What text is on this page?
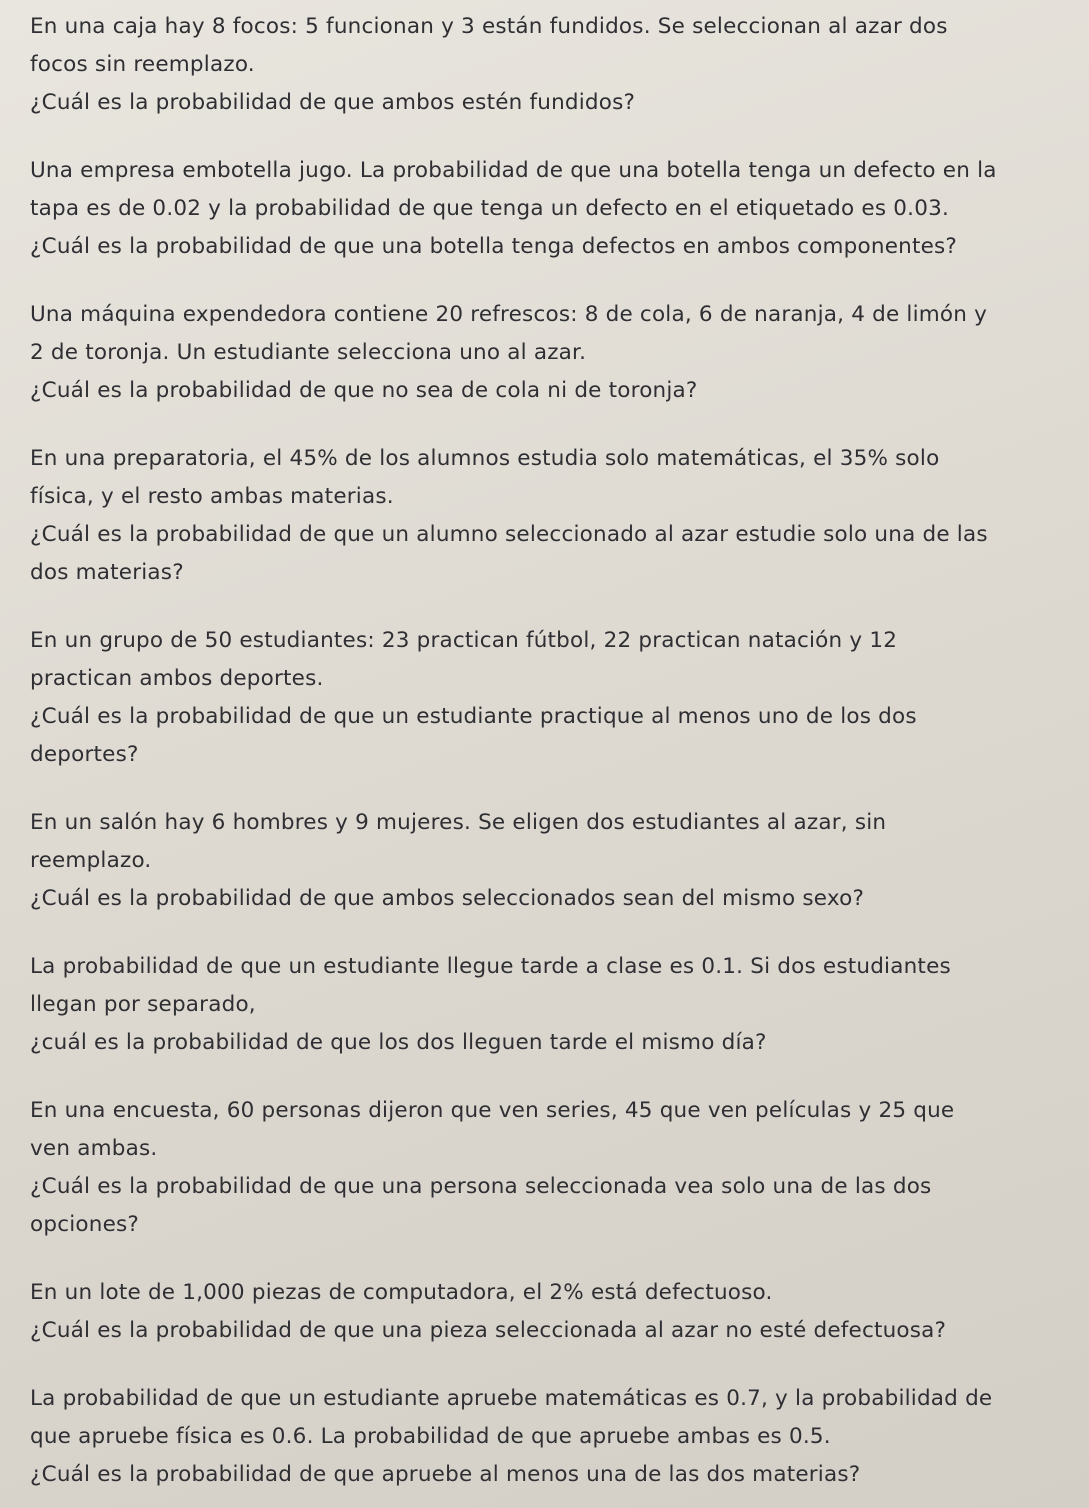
En una caja hay 8 focos: 5 funcionan y 3 están fundidos. Se seleccionan al azar dos
focos sin reemplazo.
¿Cuál es la probabilidad de que ambos estén fundidos?
Una empresa embotella jugo. La probabilidad de que una botella tenga un defecto en la
tapa es de 0.02 y la probabilidad de que tenga un defecto en el etiquetado es 0.03.
¿Cuál es la probabilidad de que una botella tenga defectos en ambos componentes?
Una máquina expendedora contiene 20 refrescos: 8 de cola, 6 de naranja, 4 de limón y
2 de toronja. Un estudiante selecciona uno al azar.
¿Cuál es la probabilidad de que no sea de cola ni de toronja?
En una preparatoria, el 45% de los alumnos estudia solo matemáticas, el 35% solo
física, y el resto ambas materias.
¿Cuál es la probabilidad de que un alumno seleccionado al azar estudie solo una de las
dos materias?
En un grupo de 50 estudiantes: 23 practican fútbol, 22 practican natación y 12
practican ambos deportes.
¿Cuál es la probabilidad de que un estudiante practique al menos uno de los dos
deportes?
En un salón hay 6 hombres y 9 mujeres. Se eligen dos estudiantes al azar, sin
reemplazo.
¿Cuál es la probabilidad de que ambos seleccionados sean del mismo sexo?
La probabilidad de que un estudiante llegue tarde a clase es 0.1. Si dos estudiantes
llegan por separado,
¿cuál es la probabilidad de que los dos lleguen tarde el mismo día?
En una encuesta, 60 personas dijeron que ven series, 45 que ven películas y 25 que
ven ambas.
¿Cuál es la probabilidad de que una persona seleccionada vea solo una de las dos
opciones?
En un lote de 1,000 piezas de computadora, el 2% está defectuoso.
¿Cuál es la probabilidad de que una pieza seleccionada al azar no esté defectuosa?
La probabilidad de que un estudiante apruebe matemáticas es 0.7, y la probabilidad de
que apruebe física es 0.6. La probabilidad de que apruebe ambas es 0.5.
¿Cuál es la probabilidad de que apruebe al menos una de las dos materias?
